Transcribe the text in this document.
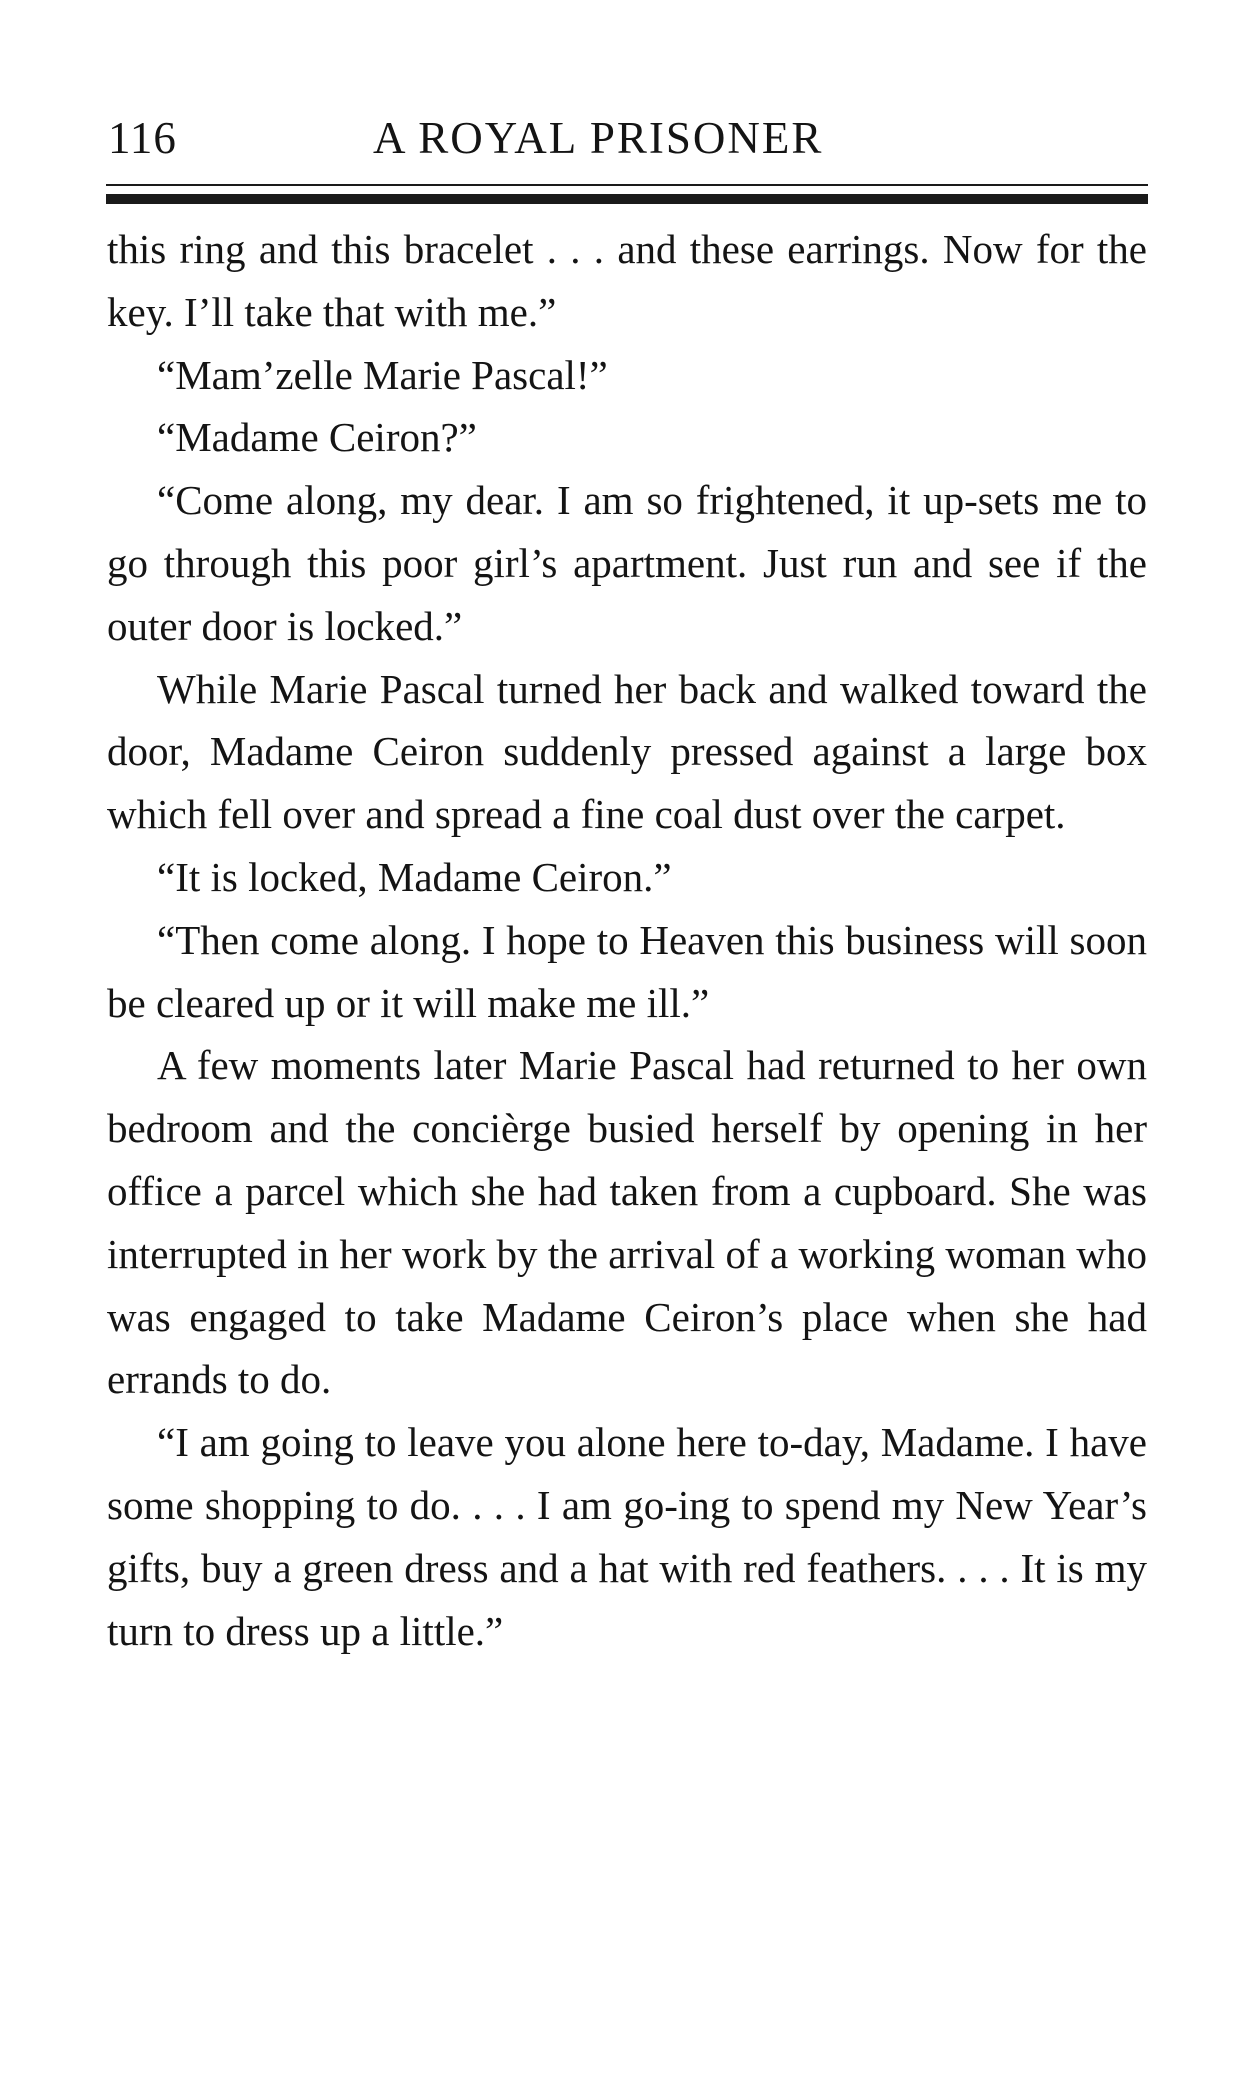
116	A ROYAL PRISONER

this ring and this bracelet . . . and these earrings. Now for the key. I’ll take that with me.”

“Mam’zelle Marie Pascal!”

“Madame Ceiron?”

“Come along, my dear. I am so frightened, it up-sets me to go through this poor girl’s apartment. Just run and see if the outer door is locked.”

While Marie Pascal turned her back and walked toward the door, Madame Ceiron suddenly pressed against a large box which fell over and spread a fine coal dust over the carpet.

“It is locked, Madame Ceiron.”

“Then come along. I hope to Heaven this business will soon be cleared up or it will make me ill.”

A few moments later Marie Pascal had returned to her own bedroom and the concièrge busied herself by opening in her office a parcel which she had taken from a cupboard. She was interrupted in her work by the arrival of a working woman who was engaged to take Madame Ceiron’s place when she had errands to do.

“I am going to leave you alone here to-day, Madame. I have some shopping to do. . . . I am go-ing to spend my New Year’s gifts, buy a green dress and a hat with red feathers. . . . It is my turn to dress up a little.”
